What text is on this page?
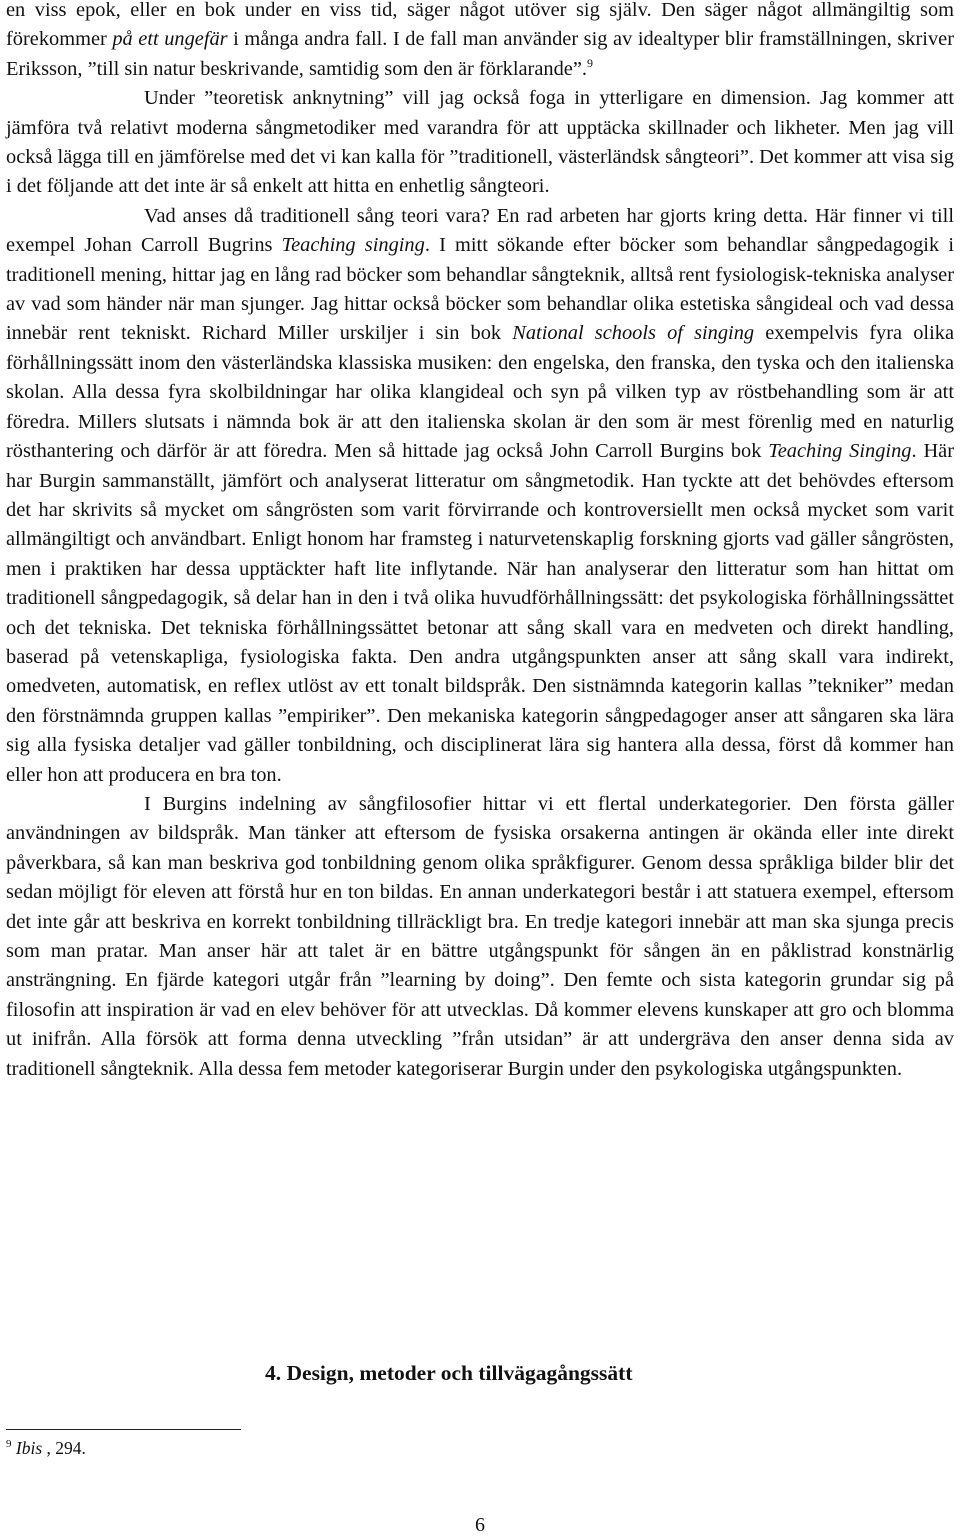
en viss epok, eller en bok under en viss tid, säger något utöver sig själv. Den säger något allmängiltig som förekommer på ett ungefär i många andra fall. I de fall man använder sig av idealtyper blir framställningen, skriver Eriksson, ”till sin natur beskrivande, samtidig som den är förklarande”.$^9$

Under ”teoretisk anknytning” vill jag också foga in ytterligare en dimension. Jag kommer att jämföra två relativt moderna sångmetodiker med varandra för att upptäcka skillnader och likheter. Men jag vill också lägga till en jämförelse med det vi kan kalla för ”traditionell, västerländsk sångteori”. Det kommer att visa sig i det följande att det inte är så enkelt att hitta en enhetlig sångteori.

Vad anses då traditionell sång teori vara? En rad arbeten har gjorts kring detta. Här finner vi till exempel Johan Carroll Bugrins Teaching singing. I mitt sökande efter böcker som behandlar sångpedagogik i traditionell mening, hittar jag en lång rad böcker som behandlar sångteknik, alltså rent fysiologisk-tekniska analyser av vad som händer när man sjunger. Jag hittar också böcker som behandlar olika estetiska sångideal och vad dessa innebär rent tekniskt. Richard Miller urskiljer i sin bok National schools of singing exempelvis fyra olika förhållningssätt inom den västerländska klassiska musiken: den engelska, den franska, den tyska och den italienska skolan. Alla dessa fyra skolbildningar har olika klangideal och syn på vilken typ av röstbehandling som är att föredra. Millers slutsats i nämnda bok är att den italienska skolan är den som är mest förenlig med en naturlig rösthantering och därför är att föredra. Men så hittade jag också John Carroll Burgins bok Teaching Singing. Här har Burgin sammanställt, jämfört och analyserat litteratur om sångmetodik. Han tyckte att det behövdes eftersom det har skrivits så mycket om sångrösten som varit förvirrande och kontroversiellt men också mycket som varit allmängiltigt och användbart. Enligt honom har framsteg i naturvetenskaplig forskning gjorts vad gäller sångrösten, men i praktiken har dessa upptäckter haft lite inflytande. När han analyserar den litteratur som han hittat om traditionell sångpedagogik, så delar han in den i två olika huvudförhållningssätt: det psykologiska förhållningssättet och det tekniska. Det tekniska förhållningssättet betonar att sång skall vara en medveten och direkt handling, baserad på vetenskapliga, fysiologiska fakta. Den andra utgångspunkten anser att sång skall vara indirekt, omedveten, automatisk, en reflex utlöst av ett tonalt bildspråk. Den sistnämnda kategorin kallas ”tekniker” medan den förstnämnda gruppen kallas ”empiriker”. Den mekaniska kategorin sångpedagoger anser att sångaren ska lära sig alla fysiska detaljer vad gäller tonbildning, och disciplinerat lära sig hantera alla dessa, först då kommer han eller hon att producera en bra ton.

I Burgins indelning av sångfilosofier hittar vi ett flertal underkategorier. Den första gäller användningen av bildspråk. Man tänker att eftersom de fysiska orsakerna antingen är okända eller inte direkt påverkbara, så kan man beskriva god tonbildning genom olika språkfigurer. Genom dessa språkliga bilder blir det sedan möjligt för eleven att förstå hur en ton bildas. En annan underkategori består i att statuera exempel, eftersom det inte går att beskriva en korrekt tonbildning tillräckligt bra. En tredje kategori innebär att man ska sjunga precis som man pratar. Man anser här att talet är en bättre utgångspunkt för sången än en påklistrad konstnärlig ansträngning. En fjärde kategori utgår från ”learning by doing”. Den femte och sista kategorin grundar sig på filosofin att inspiration är vad en elev behöver för att utvecklas. Då kommer elevens kunskaper att gro och blomma ut inifrån. Alla försök att forma denna utveckling ”från utsidan” är att undergräva den anser denna sida av traditionell sångteknik. Alla dessa fem metoder kategoriserar Burgin under den psykologiska utgångspunkten.

4. Design, metoder och tillvägagångssätt

$^9$ Ibis , 294.

6
